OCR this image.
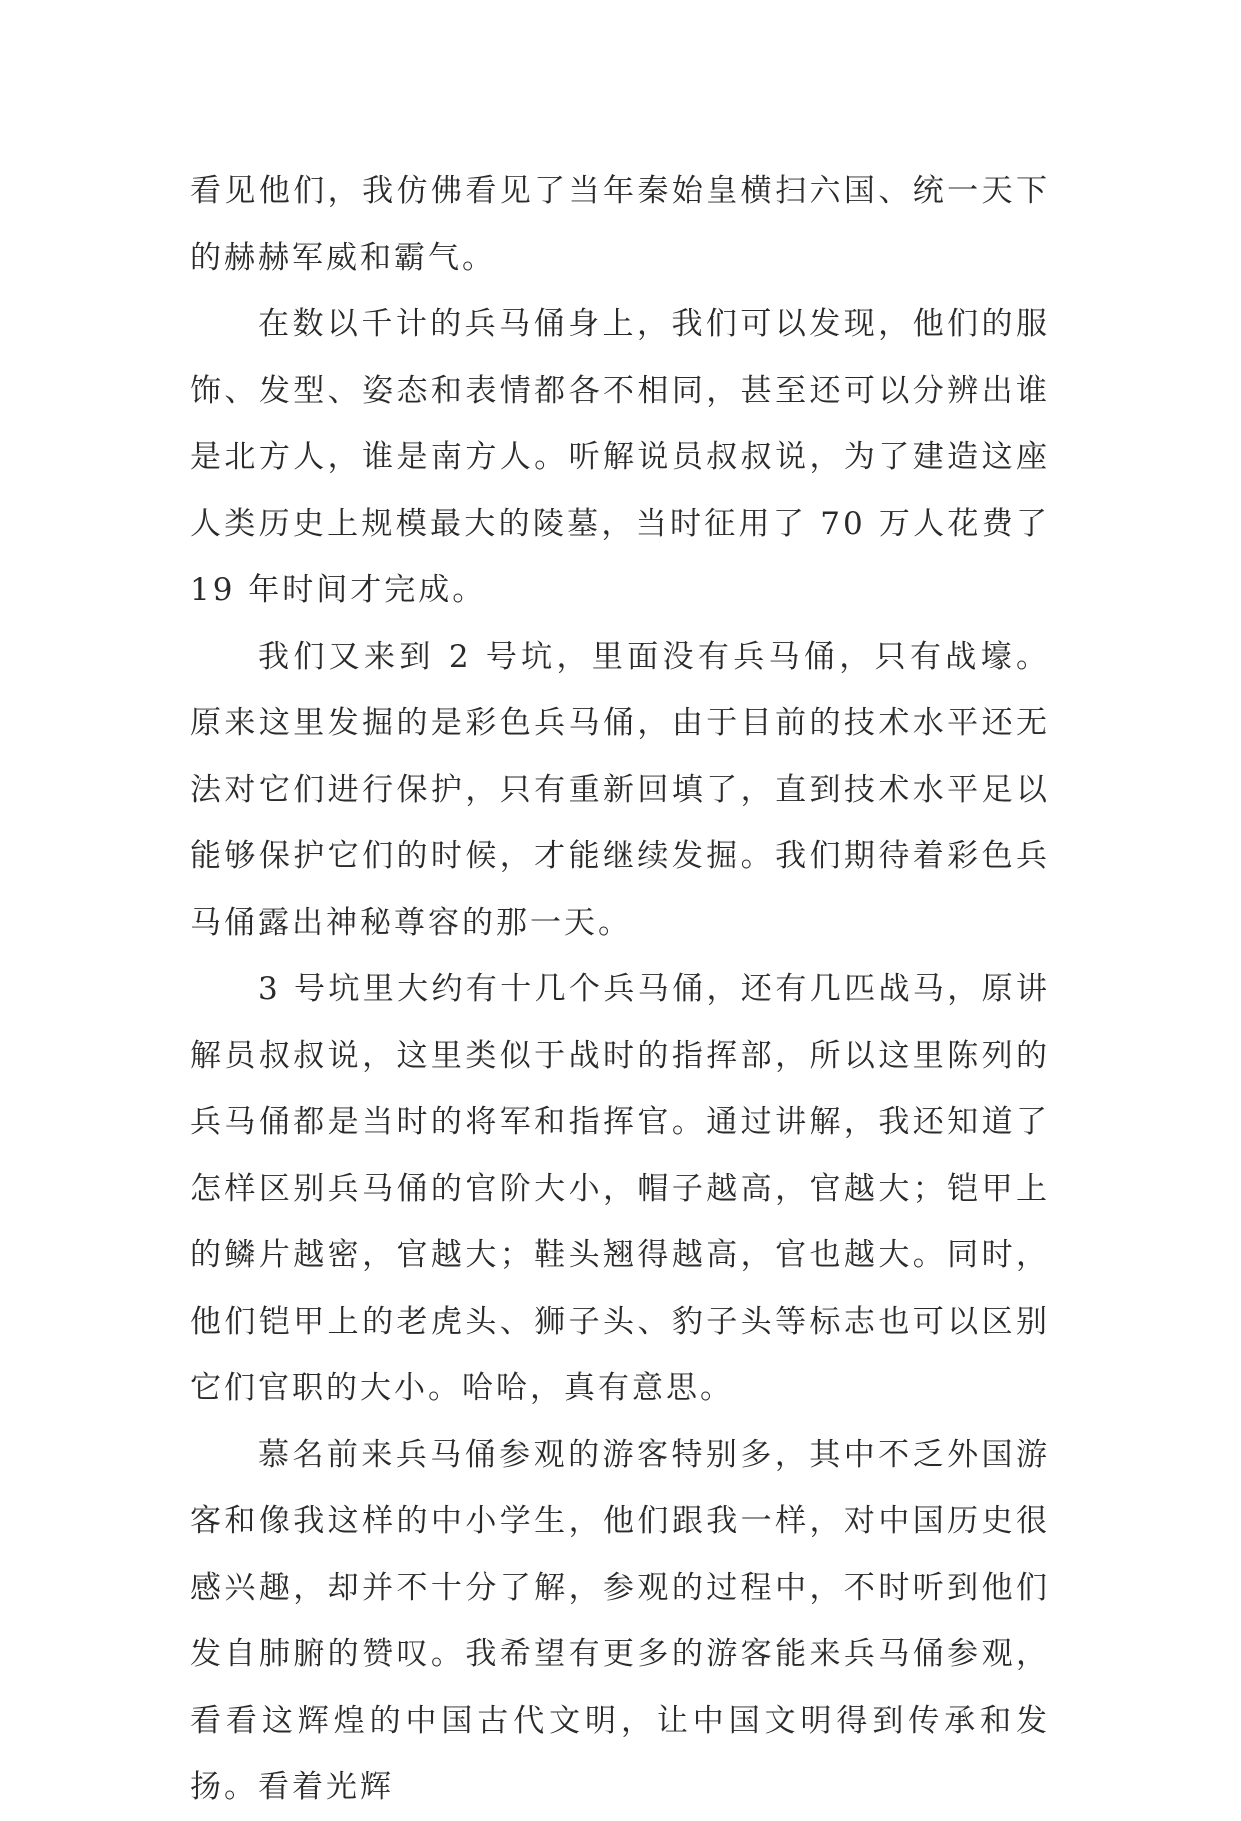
看见他们，我仿佛看见了当年秦始皇横扫六国、统一天下的赫赫军威和霸气。

在数以千计的兵马俑身上，我们可以发现，他们的服饰、发型、姿态和表情都各不相同，甚至还可以分辨出谁是北方人，谁是南方人。听解说员叔叔说，为了建造这座人类历史上规模最大的陵墓，当时征用了 70 万人花费了 19 年时间才完成。

我们又来到 2 号坑，里面没有兵马俑，只有战壕。原来这里发掘的是彩色兵马俑，由于目前的技术水平还无法对它们进行保护，只有重新回填了，直到技术水平足以能够保护它们的时候，才能继续发掘。我们期待着彩色兵马俑露出神秘尊容的那一天。

3 号坑里大约有十几个兵马俑，还有几匹战马，原讲解员叔叔说，这里类似于战时的指挥部，所以这里陈列的兵马俑都是当时的将军和指挥官。通过讲解，我还知道了怎样区别兵马俑的官阶大小，帽子越高，官越大；铠甲上的鳞片越密，官越大；鞋头翘得越高，官也越大。同时，他们铠甲上的老虎头、狮子头、豹子头等标志也可以区别它们官职的大小。哈哈，真有意思。

慕名前来兵马俑参观的游客特别多，其中不乏外国游客和像我这样的中小学生，他们跟我一样，对中国历史很感兴趣，却并不十分了解，参观的过程中，不时听到他们发自肺腑的赞叹。我希望有更多的游客能来兵马俑参观，看看这辉煌的中国古代文明，让中国文明得到传承和发扬。看着光辉
